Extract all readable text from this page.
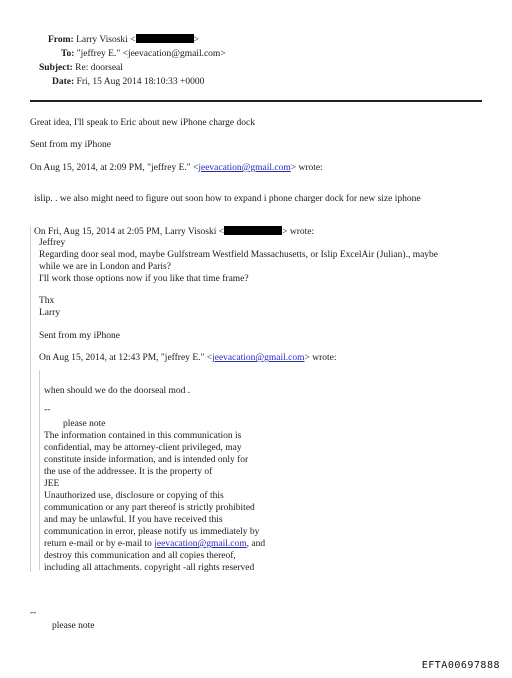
From: Larry Visoski <	>
To: "jeffrey E." <jeevacation@gmail.com>
Subject: Re: doorseal
Date: Fri, 15 Aug 2014 18:10:33 +0000
Great idea, I'll speak to Eric about new iPhone charge dock
Sent from my iPhone
On Aug 15, 2014, at 2:09 PM, "jeffrey E." <jeevacation@gmail.com> wrote:
islip. . we also might need to figure out soon how to expand i phone charger dock for new size iphone
On Fri, Aug 15, 2014 at 2:05 PM, Larry Visoski <	> wrote:
Jeffrey
Regarding door seal mod, maybe Gulfstream Westfield Massachusetts, or Islip ExcelAir (Julian)., maybe
while we are in London and Paris?
I'll work those options now if you like that time frame?
Thx
Larry
Sent from my iPhone
On Aug 15, 2014, at 12:43 PM, "jeffrey E." <jeevacation@gmail.com> wrote:
when should we do the doorseal mod .
--
please note
The information contained in this communication is
confidential, may be attorney-client privileged, may
constitute inside information, and is intended only for
the use of the addressee. It is the property of
JEE
Unauthorized use, disclosure or copying of this
communication or any part thereof is strictly prohibited
and may be unlawful. If you have received this
communication in error, please notify us immediately by
return e-mail or by e-mail to jeevacation@gmail.com, and
destroy this communication and all copies thereof,
including all attachments. copyright -all rights reserved
--
please note
EFTA00697888
